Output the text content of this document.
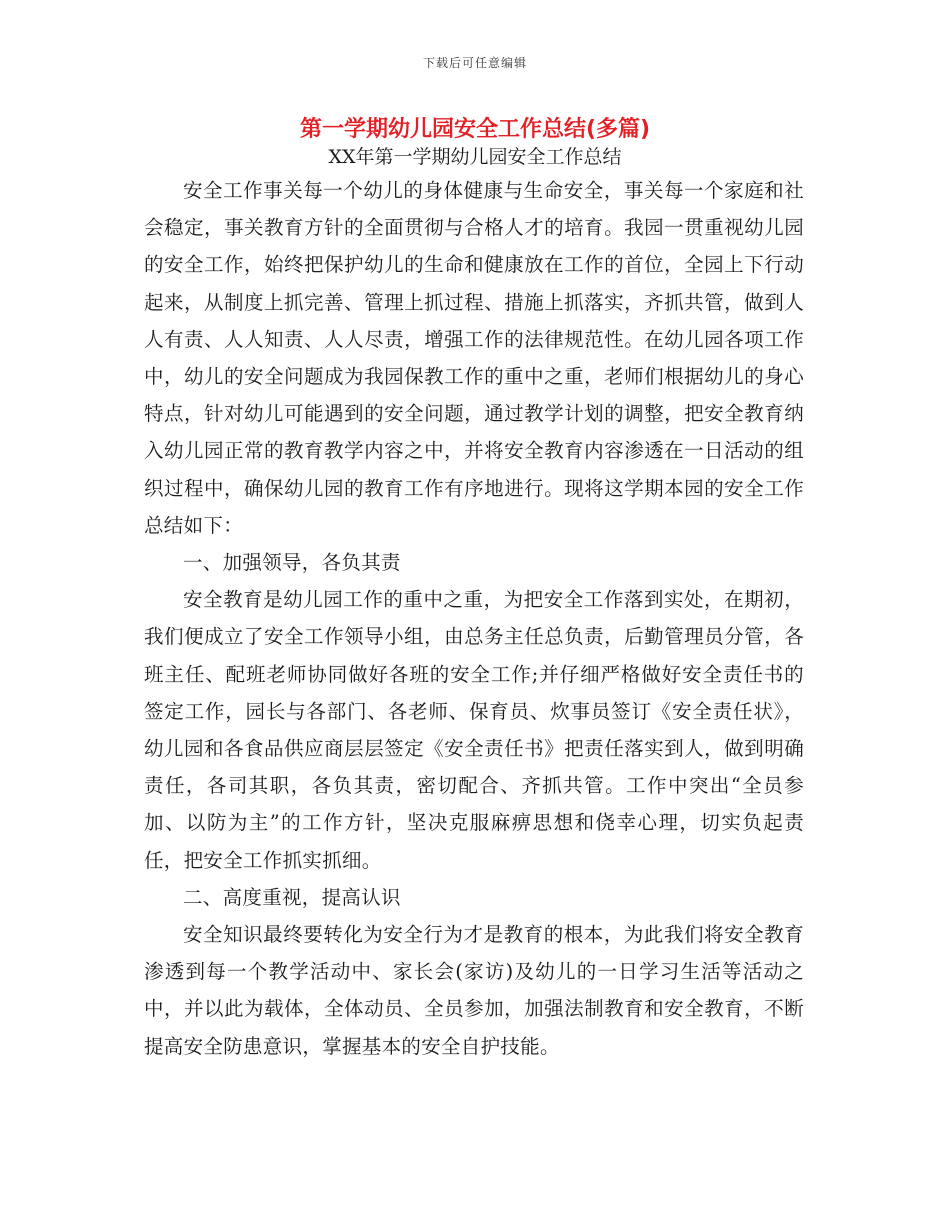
下载后可任意编辑
第一学期幼儿园安全工作总结(多篇)
XX年第一学期幼儿园安全工作总结

安全工作事关每一个幼儿的身体健康与生命安全，事关每一个家庭和社会稳定，事关教育方针的全面贯彻与合格人才的培育。我园一贯重视幼儿园的安全工作，始终把保护幼儿的生命和健康放在工作的首位，全园上下行动起来，从制度上抓完善、管理上抓过程、措施上抓落实，齐抓共管，做到人人有责、人人知责、人人尽责，增强工作的法律规范性。在幼儿园各项工作中，幼儿的安全问题成为我园保教工作的重中之重，老师们根据幼儿的身心特点，针对幼儿可能遇到的安全问题，通过教学计划的调整，把安全教育纳入幼儿园正常的教育教学内容之中，并将安全教育内容渗透在一日活动的组织过程中，确保幼儿园的教育工作有序地进行。现将这学期本园的安全工作总结如下：

一、加强领导，各负其责

安全教育是幼儿园工作的重中之重，为把安全工作落到实处，在期初，我们便成立了安全工作领导小组，由总务主任总负责，后勤管理员分管，各班主任、配班老师协同做好各班的安全工作;并仔细严格做好安全责任书的签定工作，园长与各部门、各老师、保育员、炊事员签订《安全责任状》，幼儿园和各食品供应商层层签定《安全责任书》把责任落实到人，做到明确责任，各司其职，各负其责，密切配合、齐抓共管。工作中突出“全员参加、以防为主”的工作方针，坚决克服麻痹思想和侥幸心理，切实负起责任，把安全工作抓实抓细。

二、高度重视，提高认识

安全知识最终要转化为安全行为才是教育的根本，为此我们将安全教育渗透到每一个教学活动中、家长会(家访)及幼儿的一日学习生活等活动之中，并以此为载体，全体动员、全员参加，加强法制教育和安全教育，不断提高安全防患意识，掌握基本的安全自护技能。
